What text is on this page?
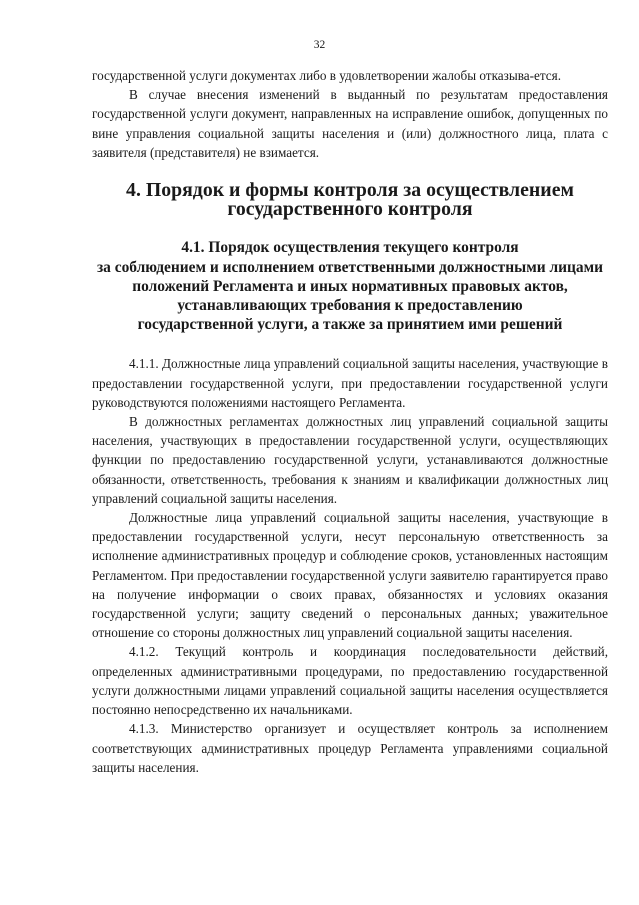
32

государственной услуги документах либо в удовлетворении жалобы отказыва-ется.

В случае внесения изменений в выданный по результатам предоставления государственной услуги документ, направленных на исправление ошибок, допущенных по вине управления социальной защиты населения и (или) должностного лица, плата с заявителя (представителя) не взимается.

4. Порядок и формы контроля за осуществлением
государственного контроля
4.1. Порядок осуществления текущего контроля
за соблюдением и исполнением ответственными должностными лицами
положений Регламента и иных нормативных правовых актов,
устанавливающих требования к предоставлению
государственной услуги, а также за принятием ими решений

4.1.1. Должностные лица управлений социальной защиты населения, участвующие в предоставлении государственной услуги, при предоставлении государственной услуги руководствуются положениями настоящего Регламента.

В должностных регламентах должностных лиц управлений социальной защиты населения, участвующих в предоставлении государственной услуги, осуществляющих функции по предоставлению государственной услуги, устанавливаются должностные обязанности, ответственность, требования к знаниям и квалификации должностных лиц управлений социальной защиты населения.

Должностные лица управлений социальной защиты населения, участвующие в предоставлении государственной услуги, несут персональную ответственность за исполнение административных процедур и соблюдение сроков, установленных настоящим Регламентом. При предоставлении государственной услуги заявителю гарантируется право на получение информации о своих правах, обязанностях и условиях оказания государственной услуги; защиту сведений о персональных данных; уважительное отношение со стороны должностных лиц управлений социальной защиты населения.

4.1.2. Текущий контроль и координация последовательности действий, определенных административными процедурами, по предоставлению государственной услуги должностными лицами управлений социальной защиты населения осуществляется постоянно непосредственно их начальниками.

4.1.3. Министерство организует и осуществляет контроль за исполнением соответствующих административных процедур Регламента управлениями социальной защиты населения.
